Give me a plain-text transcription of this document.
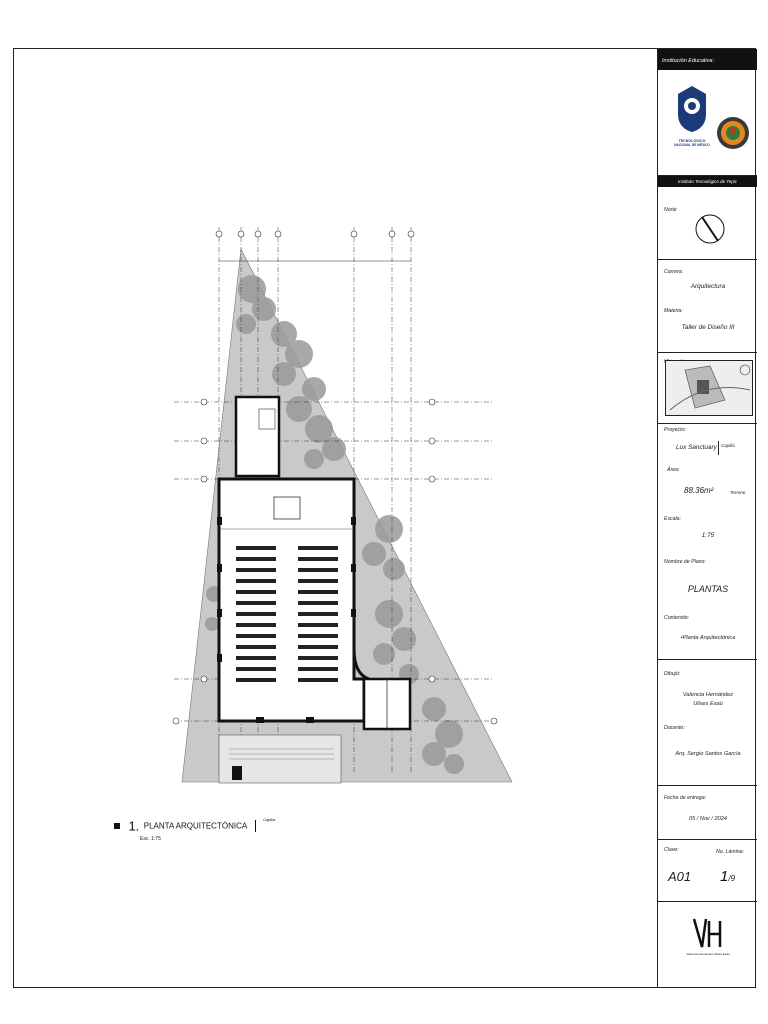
1. PLANTA ARQUITECTÓNICA  $^{Capilla}$
Esc. 1:75
Institución Educativa:
TECNOLÓGICO
NACIONAL DE MÉXICO
Instituto Tecnológico de Tepic
Norte
Carrera:
Arquitectura
Materia:
Taller de Diseño III
Proyecto:
Lux Sanctuary Capilla
Área:
88.36m²	Terreno
Escala:
1:75
Nombre de Plano:
PLANTAS
Contenido:
•Planta Arquitectónica
Dibujó:
Valencia Hernández
Ulises Esaú
Docente:
Arq. Sergio Santos García
Fecha de entrega:
05 / Nov / 2024
Clave:	No. Lámina:
A01 1/9
Valencia Hernández Ulises Esaú
